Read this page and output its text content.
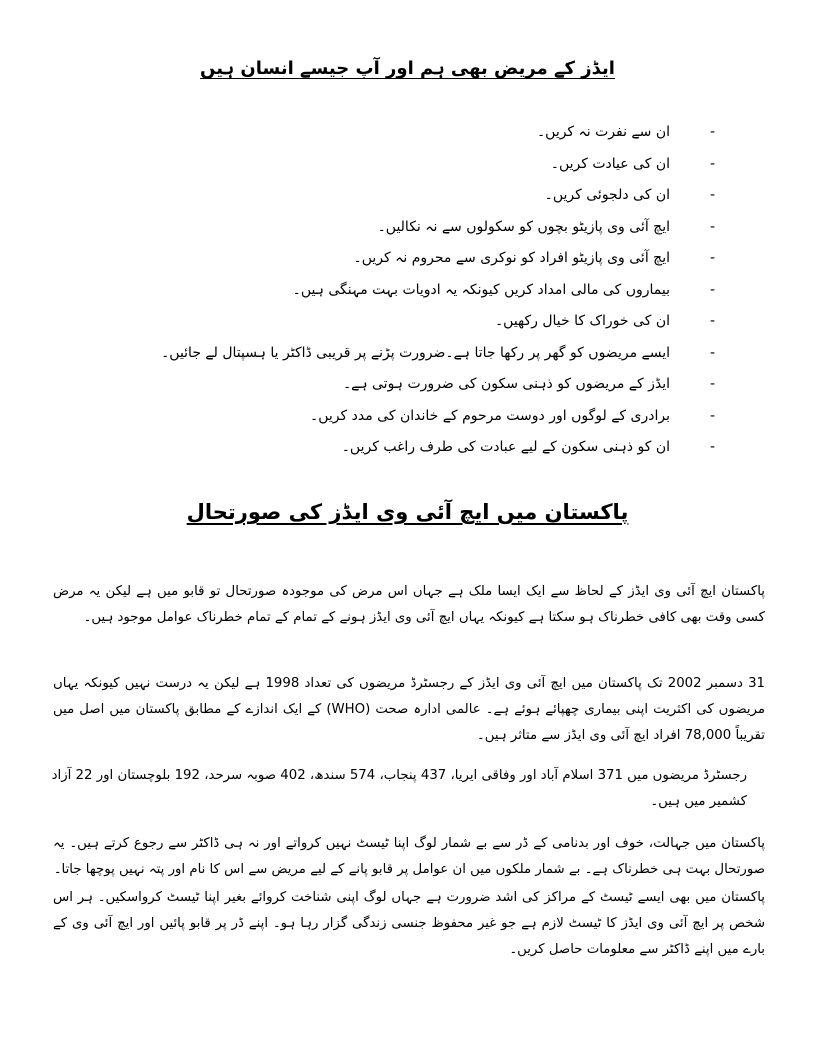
ایڈز کے مریض بھی ہم اور آپ جیسے انسان ہیں
-
ان سے نفرت نہ کریں۔
-
ان کی عیادت کریں۔
-
ان کی دلجوئی کریں۔
-
ایچ آئی وی پازیٹو بچوں کو سکولوں سے نہ نکالیں۔
-
ایچ آئی وی پازیٹو افراد کو نوکری سے محروم نہ کریں۔
-
بیماروں کی مالی امداد کریں کیونکہ یہ ادویات بہت مہنگی ہیں۔
-
ان کی خوراک کا خیال رکھیں۔
-
ایسے مریضوں کو گھر پر رکھا جاتا ہے۔ضرورت پڑنے پر قریبی ڈاکٹر یا ہسپتال لے جائیں۔
-
ایڈز کے مریضوں کو ذہنی سکون کی ضرورت ہوتی ہے۔
-
برادری کے لوگوں اور دوست مرحوم کے خاندان کی مدد کریں۔
-
ان کو ذہنی سکون کے لیے عبادت کی طرف راغب کریں۔
پاکستان میں ایچ آئی وی ایڈز کی صورتحال

پاکستان ایچ آئی وی ایڈز کے لحاظ سے ایک ایسا ملک ہے جہاں اس مرض کی موجودہ صورتحال تو قابو میں ہے لیکن یہ مرض کسی وقت بھی کافی خطرناک ہو سکتا ہے کیونکہ یہاں ایچ آئی وی ایڈز ہونے کے تمام کے تمام خطرناک عوامل موجود ہیں۔

31 دسمبر 2002 تک پاکستان میں ایچ آئی وی ایڈز کے رجسٹرڈ مریضوں کی تعداد 1998 ہے لیکن یہ درست نہیں کیونکہ یہاں مریضوں کی اکثریت اپنی بیماری چھپائے ہوئے ہے۔ عالمی ادارہ صحت (WHO) کے ایک اندازے کے مطابق پاکستان میں اصل میں تقریباً 78,000 افراد ایچ آئی وی ایڈز سے متاثر ہیں۔

رجسٹرڈ مریضوں میں 371 اسلام آباد اور وفاقی ایریا، 437 پنجاب، 574 سندھ، 402 صوبہ سرحد، 192 بلوچستان اور 22 آزاد کشمیر میں ہیں۔

پاکستان میں جہالت، خوف اور بدنامی کے ڈر سے بے شمار لوگ اپنا ٹیسٹ نہیں کرواتے اور نہ ہی ڈاکٹر سے رجوع کرتے ہیں۔ یہ صورتحال بہت ہی خطرناک ہے۔ بے شمار ملکوں میں ان عوامل پر قابو پانے کے لیے مریض سے اس کا نام اور پتہ نہیں پوچھا جاتا۔

پاکستان میں بھی ایسے ٹیسٹ کے مراکز کی اشد ضرورت ہے جہاں لوگ اپنی شناخت کروائے بغیر اپنا ٹیسٹ کرواسکیں۔ ہر اس شخص پر ایچ آئی وی ایڈز کا ٹیسٹ لازم ہے جو غیر محفوظ جنسی زندگی گزار رہا ہو۔ اپنے ڈر پر قابو پائیں اور ایچ آئی وی کے بارے میں اپنے ڈاکٹر سے معلومات حاصل کریں۔
